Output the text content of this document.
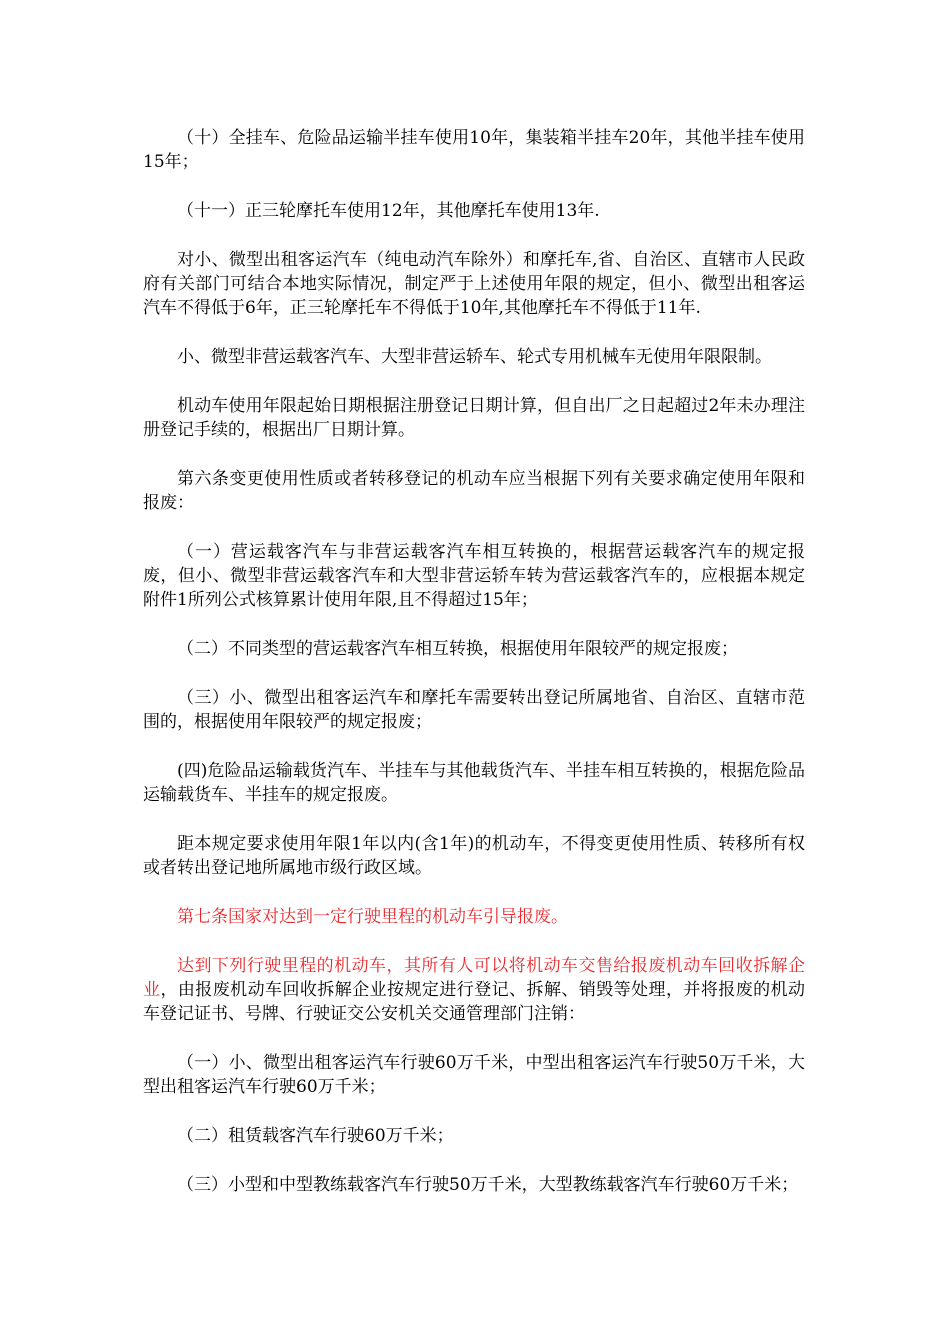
（十）全挂车、危险品运输半挂车使用10年，集装箱半挂车20年，其他半挂车使用15年；

（十一）正三轮摩托车使用12年，其他摩托车使用13年.

对小、微型出租客运汽车（纯电动汽车除外）和摩托车,省、自治区、直辖市人民政府有关部门可结合本地实际情况，制定严于上述使用年限的规定，但小、微型出租客运汽车不得低于6年，正三轮摩托车不得低于10年,其他摩托车不得低于11年.

小、微型非营运载客汽车、大型非营运轿车、轮式专用机械车无使用年限限制。

机动车使用年限起始日期根据注册登记日期计算，但自出厂之日起超过2年未办理注册登记手续的，根据出厂日期计算。

第六条变更使用性质或者转移登记的机动车应当根据下列有关要求确定使用年限和报废：

（一）营运载客汽车与非营运载客汽车相互转换的，根据营运载客汽车的规定报废，但小、微型非营运载客汽车和大型非营运轿车转为营运载客汽车的，应根据本规定附件1所列公式核算累计使用年限,且不得超过15年；

（二）不同类型的营运载客汽车相互转换，根据使用年限较严的规定报废；

（三）小、微型出租客运汽车和摩托车需要转出登记所属地省、自治区、直辖市范围的，根据使用年限较严的规定报废；

(四)危险品运输载货汽车、半挂车与其他载货汽车、半挂车相互转换的，根据危险品运输载货车、半挂车的规定报废。

距本规定要求使用年限1年以内(含1年)的机动车，不得变更使用性质、转移所有权或者转出登记地所属地市级行政区域。

第七条国家对达到一定行驶里程的机动车引导报废。

达到下列行驶里程的机动车，其所有人可以将机动车交售给报废机动车回收拆解企业，由报废机动车回收拆解企业按规定进行登记、拆解、销毁等处理，并将报废的机动车登记证书、号牌、行驶证交公安机关交通管理部门注销：

（一）小、微型出租客运汽车行驶60万千米，中型出租客运汽车行驶50万千米，大型出租客运汽车行驶60万千米；

（二）租赁载客汽车行驶60万千米；

（三）小型和中型教练载客汽车行驶50万千米，大型教练载客汽车行驶60万千米；
